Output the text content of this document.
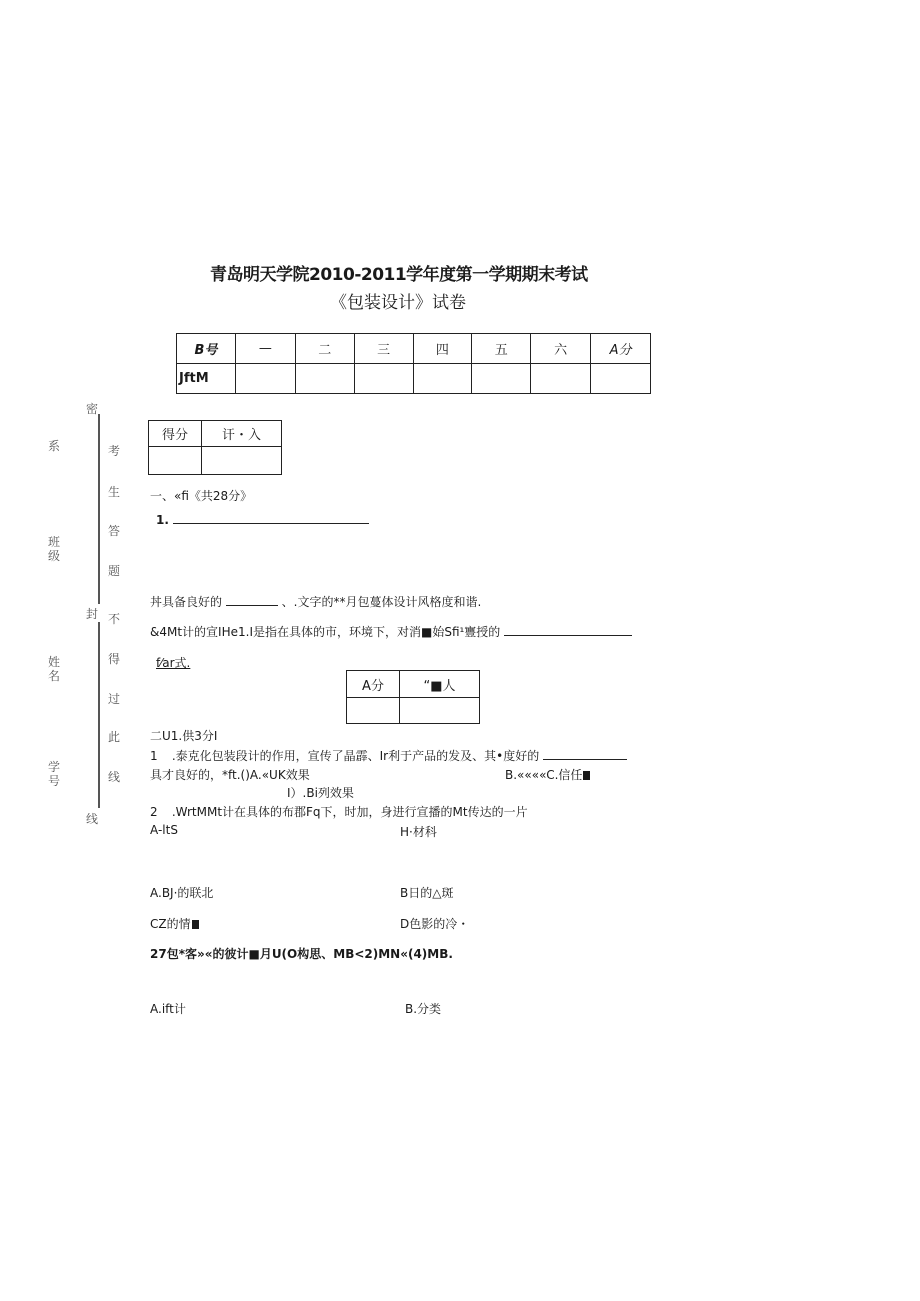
青岛明天学院2010-2011学年度第一学期期末考试
《包装设计》试卷
B号	—	二	三	四	五	六	A分
JftM							
系
班级
姓名
学号
密
封
线
考
生
答
题
不
得
过
此
线
得分	讦・入

一、«fi《共28分》
1.
丼具备良好的	、.文字的**月包蔓体设计风格度和谐.
&4Mt计的宣IHe1.I是指在具体的市，环境下，对消■始Sfi¹寷授的
f⁄ar式.
A分	“■人

二U1.供3分I
1 .泰克化包装段计的作用，宣传了晶霹、Ir利于产品的发及、其•度好的
具才良好的，*ft.()A.«UK效果	B.««««C.信任
I）.Bi列效果
2 .WrtMMt计在具体的布郡Fq下，时加，身进行宣播的Mt传达的一片
A-ltS	H·材科
A.BJ·的联北	B日的△斑
CZ的情	D色影的冷・
27包*客»«的彼计■月U(O构思、MB<2)MN«(4)MB.
A.ift计	B.分类
